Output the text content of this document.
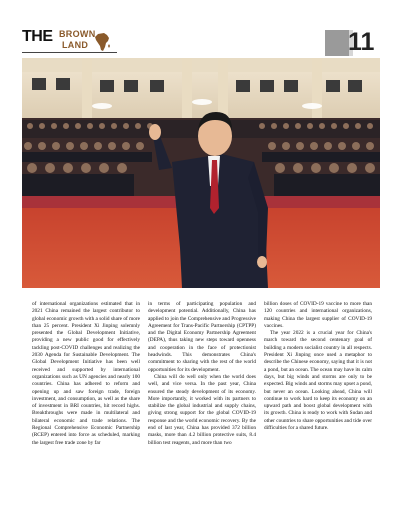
THE BROWN
LAND	11

of international organizations estimated that in 2021 China remained the largest contributor to global economic growth with a solid share of more than 25 percent. President Xi Jinping solemnly presented the Global Development Initiative, providing a new public good for effectively tackling post-COVID challenges and realizing the 2030 Agenda for Sustainable Development. The Global Development Initiative has been well received and supported by international organizations such as UN agencies and nearly 100 countries. China has adhered to reform and opening up and saw foreign trade, foreign investment, and consumption, as well as the share of investment in BRI countries, hit record highs. Breakthroughs were made in multilateral and bilateral economic and trade relations. The Regional Comprehensive Economic Partnership (RCEP) entered into force as scheduled, marking the largest free trade zone by far

in terms of participating population and development potential. Additionally, China has applied to join the Comprehensive and Progressive Agreement for Trans-Pacific Partnership (CPTPP) and the Digital Economy Partnership Agreement (DEPA), thus taking new steps toward openness and cooperation in the face of protectionist headwinds. This demonstrates China's commitment to sharing with the rest of the world opportunities for its development.

China will do well only when the world does well, and vice versa. In the past year, China ensured the steady development of its economy. More importantly, it worked with its partners to stabilize the global industrial and supply chains, giving strong support for the global COVID-19 response and the world economic recovery. By the end of last year, China has provided 372 billion masks, more than 4.2 billion protective suits, 8.4 billion test reagents, and more than two

billion doses of COVID-19 vaccine to more than 120 countries and international organizations, making China the largest supplier of COVID-19 vaccines.

The year 2022 is a crucial year for China's march toward the second centenary goal of building a modern socialist country in all respects. President Xi Jinping once used a metaphor to describe the Chinese economy, saying that it is not a pond, but an ocean. The ocean may have its calm days, but big winds and storms are only to be expected. Big winds and storms may upset a pond, but never an ocean. Looking ahead, China will continue to work hard to keep its economy on an upward path and boost global development with its growth. China is ready to work with Sudan and other countries to share opportunities and tide over difficulties for a shared future.
